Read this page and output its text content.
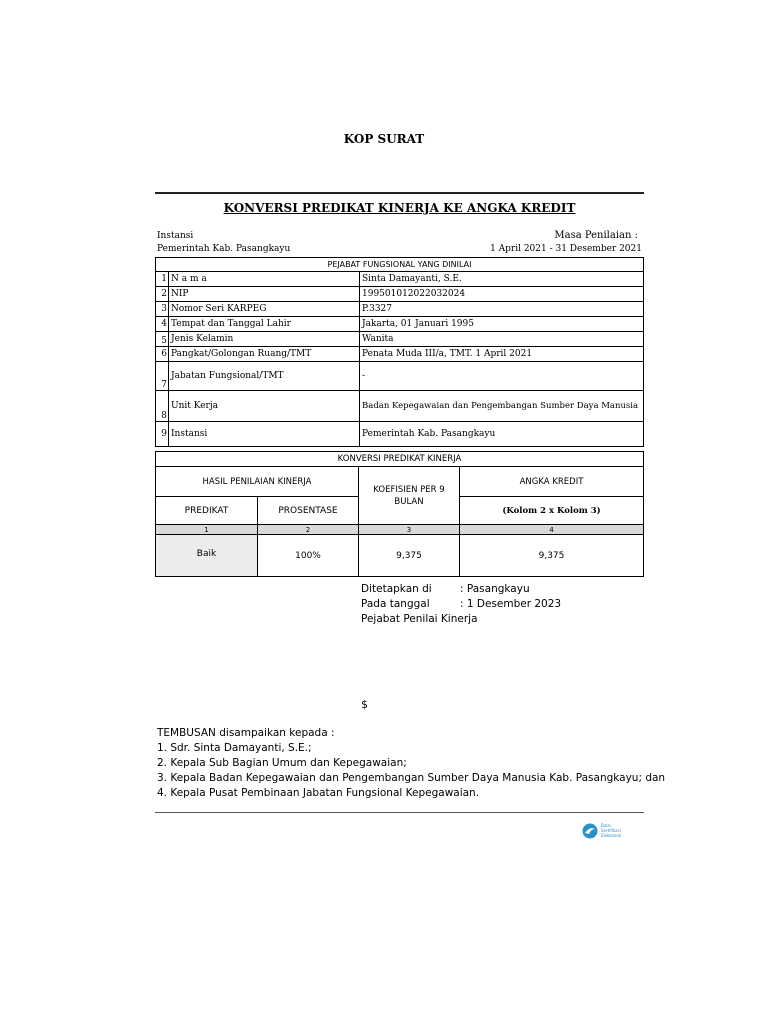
KOP SURAT
KONVERSI PREDIKAT KINERJA KE ANGKA KREDIT
Instansi
Pemerintah Kab. Pasangkayu
Masa Penilaian :
1 April 2021 - 31 Desember 2021
PEJABAT FUNGSIONAL YANG DINILAI		
1	N a m a	Sinta Damayanti, S.E.
2	NIP	199501012022032024
3	Nomor Seri KARPEG	P.3327
4	Tempat dan Tanggal Lahir	Jakarta, 01 Januari 1995
5	Jenis Kelamin	Wanita
6	Pangkat/Golongan Ruang/TMT	Penata Muda III/a, TMT. 1 April 2021
7	Jabatan Fungsional/TMT	-
8	Unit Kerja	Badan Kepegawaian dan Pengembangan Sumber Daya Manusia
9	Instansi	Pemerintah Kab. Pasangkayu
KONVERSI PREDIKAT KINERJA			
HASIL PENILAIAN KINERJA		KOEFISIEN PER 9 BULAN	ANGKA KREDIT
PREDIKAT	PROSENTASE		(Kolom 2 x Kolom 3)
1	2	3	4
Baik	100%	9,375	9,375
Ditetapkan di	: Pasangkayu
Pada tanggal	: 1 Desember 2023
Pejabat Penilai Kinerja
$
TEMBUSAN disampaikan kepada :
1. Sdr. Sinta Damayanti, S.E.;
2. Kepala Sub Bagian Umum dan Kepegawaian;
3. Kepala Badan Kepegawaian dan Pengembangan Sumber Daya Manusia Kab. Pasangkayu; dan
4. Kepala Pusat Pembinaan Jabatan Fungsional Kepegawaian.
Balai
Sertifikasi
Elektronik
